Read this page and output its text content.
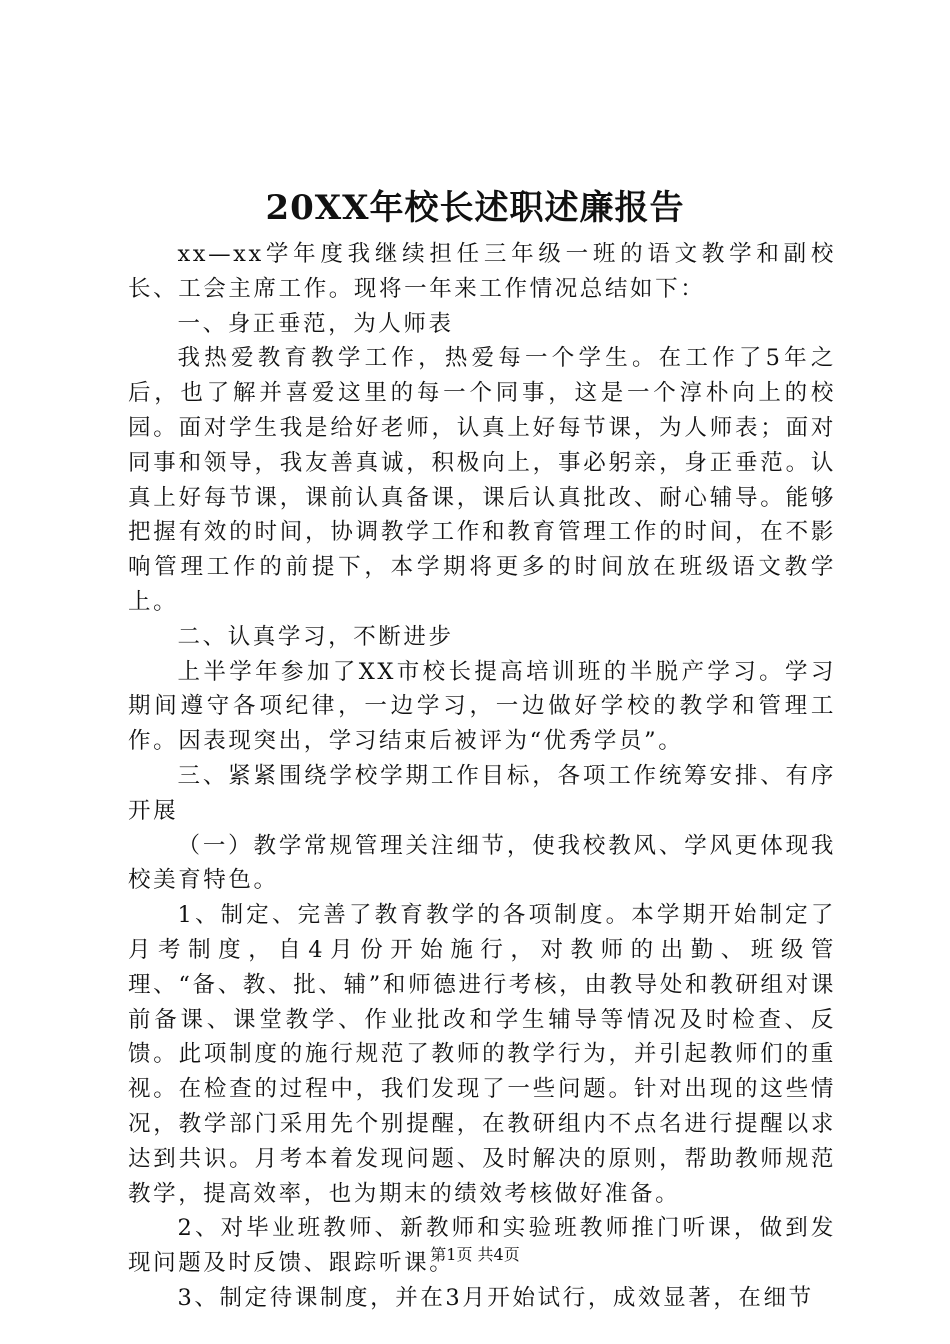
20XX年校长述职述廉报告

xx—xx学年度我继续担任三年级一班的语文教学和副校长、工会主席工作。现将一年来工作情况总结如下：

一、身正垂范，为人师表

我热爱教育教学工作，热爱每一个学生。在工作了5年之后，也了解并喜爱这里的每一个同事，这是一个淳朴向上的校园。面对学生我是给好老师，认真上好每节课，为人师表；面对同事和领导，我友善真诚，积极向上，事必躬亲，身正垂范。认真上好每节课，课前认真备课，课后认真批改、耐心辅导。能够把握有效的时间，协调教学工作和教育管理工作的时间，在不影响管理工作的前提下，本学期将更多的时间放在班级语文教学上。

二、认真学习，不断进步

上半学年参加了XX市校长提高培训班的半脱产学习。学习期间遵守各项纪律，一边学习，一边做好学校的教学和管理工作。因表现突出，学习结束后被评为“优秀学员”。

三、紧紧围绕学校学期工作目标，各项工作统筹安排、有序开展

（一）教学常规管理关注细节，使我校教风、学风更体现我校美育特色。

1、制定、完善了教育教学的各项制度。本学期开始制定了月考制度，自4月份开始施行，对教师的出勤、班级管理、“备、教、批、辅”和师德进行考核，由教导处和教研组对课前备课、课堂教学、作业批改和学生辅导等情况及时检查、反馈。此项制度的施行规范了教师的教学行为，并引起教师们的重视。在检查的过程中，我们发现了一些问题。针对出现的这些情况，教学部门采用先个别提醒，在教研组内不点名进行提醒以求达到共识。月考本着发现问题、及时解决的原则，帮助教师规范教学，提高效率，也为期末的绩效考核做好准备。

2、对毕业班教师、新教师和实验班教师推门听课，做到发现问题及时反馈、跟踪听课。

3、制定待课制度，并在3月开始试行，成效显著，在细节

第1页 共4页
